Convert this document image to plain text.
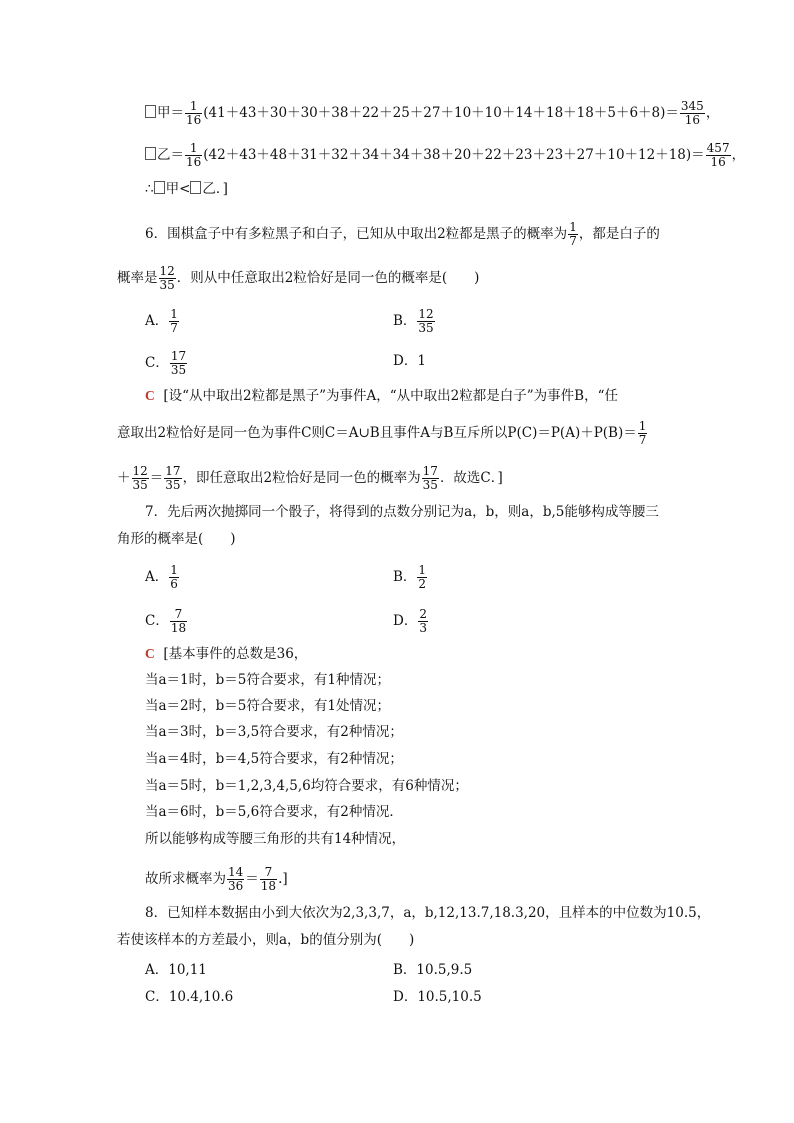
甲＝ $\frac{1}{16} (41+43+30+30+38+22+25+27+10+10+14+18+18+5+6+8)= \frac{345}{16}$ ，
乙＝ $\frac{1}{16} (42+43+48+31+32+34+34+38+20+22+23+23+27+10+12+18)= \frac{457}{16}$ ，
∴ 甲< 乙．]
6．围棋盒子中有多粒黑子和白子，已知从中取出2粒都是黑子的概率为 $\frac{1}{7}$ ，都是白子的
概率是 $\frac{12}{35}$ ．则从中任意取出2粒恰好是同一色的概率是(　　)
A． $\frac{1}{7}$	B． $\frac{12}{35}$
C． $\frac{17}{35}$	D．1
C [设“从中取出2粒都是黑子”为事件A，“从中取出2粒都是白子”为事件B，“任
意取出2粒恰好是同一色为事件C则C＝A∪B且事件A与B互斥所以$P(C)=P(A)+P(B)= \frac{1}{7}$
＋ $\frac{12}{35} = \frac{17}{35}$ ，即任意取出2粒恰好是同一色的概率为 $\frac{17}{35}$ ．故选C．]
7．先后两次抛掷同一个骰子，将得到的点数分别记为a，b，则a，b,5能够构成等腰三
角形的概率是(　　)
A． $\frac{1}{6}$	B． $\frac{1}{2}$
C． $\frac{7}{18}$	D． $\frac{2}{3}$
C [基本事件的总数是36，
当a＝1时，b＝5符合要求，有1种情况；
当a＝2时，b＝5符合要求，有1处情况；
当a＝3时，b＝3,5符合要求，有2种情况；
当a＝4时，b＝4,5符合要求，有2种情况；
当a＝5时，b＝1,2,3,4,5,6均符合要求，有6种情况；
当a＝6时，b＝5,6符合要求，有2种情况．
所以能够构成等腰三角形的共有14种情况，
故所求概率为 $\frac{14}{36} = \frac{7}{18}$ .]
8．已知样本数据由小到大依次为2,3,3,7，a，b,12,13.7,18.3,20，且样本的中位数为10.5，
若使该样本的方差最小，则a，b的值分别为(　　)
A．10,11	B．10.5,9.5
C．10.4,10.6	D．10.5,10.5
